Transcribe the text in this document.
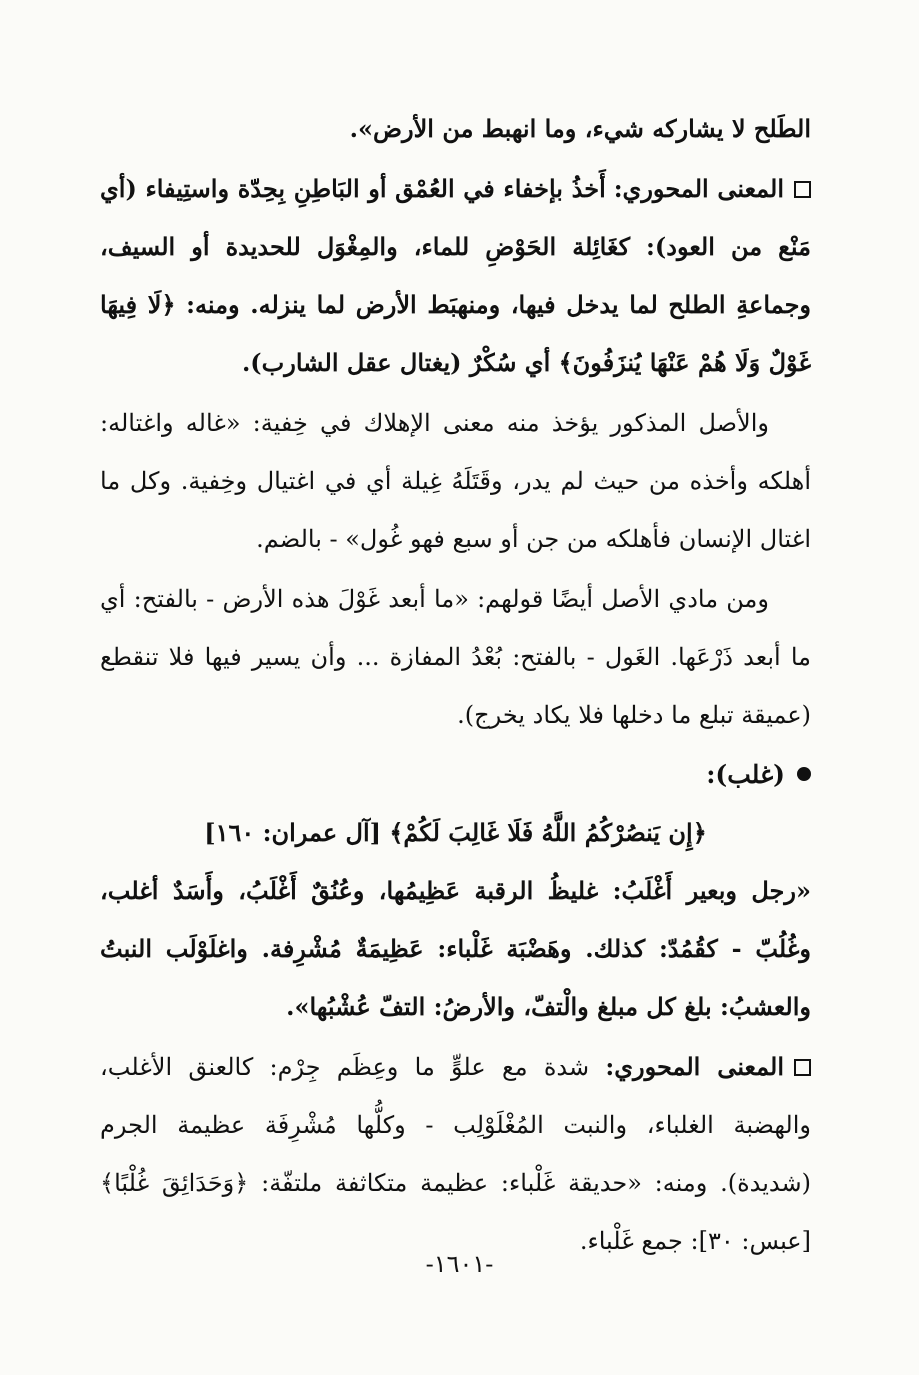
الطَلح لا يشاركه شيء، وما انهبط من الأرض».

المعنى المحوري: أَخذُ بإخفاء في العُمْق أو البَاطِنِ بِحِدّة واستِيفاء (أي مَنْع من العود): كغَائِلة الحَوْضِ للماء، والمِغْوَل للحديدة أو السيف، وجماعةِ الطلح لما يدخل فيها، ومنهبَط الأرض لما ينزله. ومنه: ﴿لَا فِيهَا غَوْلٌ وَلَا هُمْ عَنْهَا يُنزَفُونَ﴾ أي سُكْرٌ (يغتال عقل الشارب).

والأصل المذكور يؤخذ منه معنى الإهلاك في خِفية: «غاله واغتاله: أهلكه وأخذه من حيث لم يدر، وقَتَلَهُ غِيلة أي في اغتيال وخِفية. وكل ما اغتال الإنسان فأهلكه من جن أو سبع فهو غُول» - بالضم.

ومن مادي الأصل أيضًا قولهم: «ما أبعد غَوْلَ هذه الأرض - بالفتح: أي ما أبعد ذَرْعَها. الغَول - بالفتح: بُعْدُ المفازة ... وأن يسير فيها فلا تنقطع (عميقة تبلع ما دخلها فلا يكاد يخرج).

(غلب):

﴿إِن يَنصُرْكُمُ اللَّهُ فَلَا غَالِبَ لَكُمْ﴾ [آل عمران: ١٦٠]

«رجل وبعير أَغْلَبُ: غليظُ الرقبة عَظِيمُها، وعُنُقٌ أَغْلَبُ، وأَسَدٌ أغلب، وغُلُبّ - كقُمُدّ: كذلك. وهَضْبَة غَلْباء: عَظِيمَةٌ مُشْرِفة. واغلَوْلَب النبتُ والعشبُ: بلغ كل مبلغ والْتفّ، والأرضُ: التفّ عُشْبُها».

المعنى المحوري: شدة مع علوٍّ ما وعِظَم جِرْم: كالعنق الأغلب، والهضبة الغلباء، والنبت المُغْلَوْلِب - وكلُّها مُشْرِفَة عظيمة الجرم (شديدة). ومنه: «حديقة غَلْباء: عظيمة متكاثفة ملتفّة: ﴿وَحَدَائِقَ غُلْبًا﴾ [عبس: ٣٠]: جمع غَلْباء.

-١٦٠١-
